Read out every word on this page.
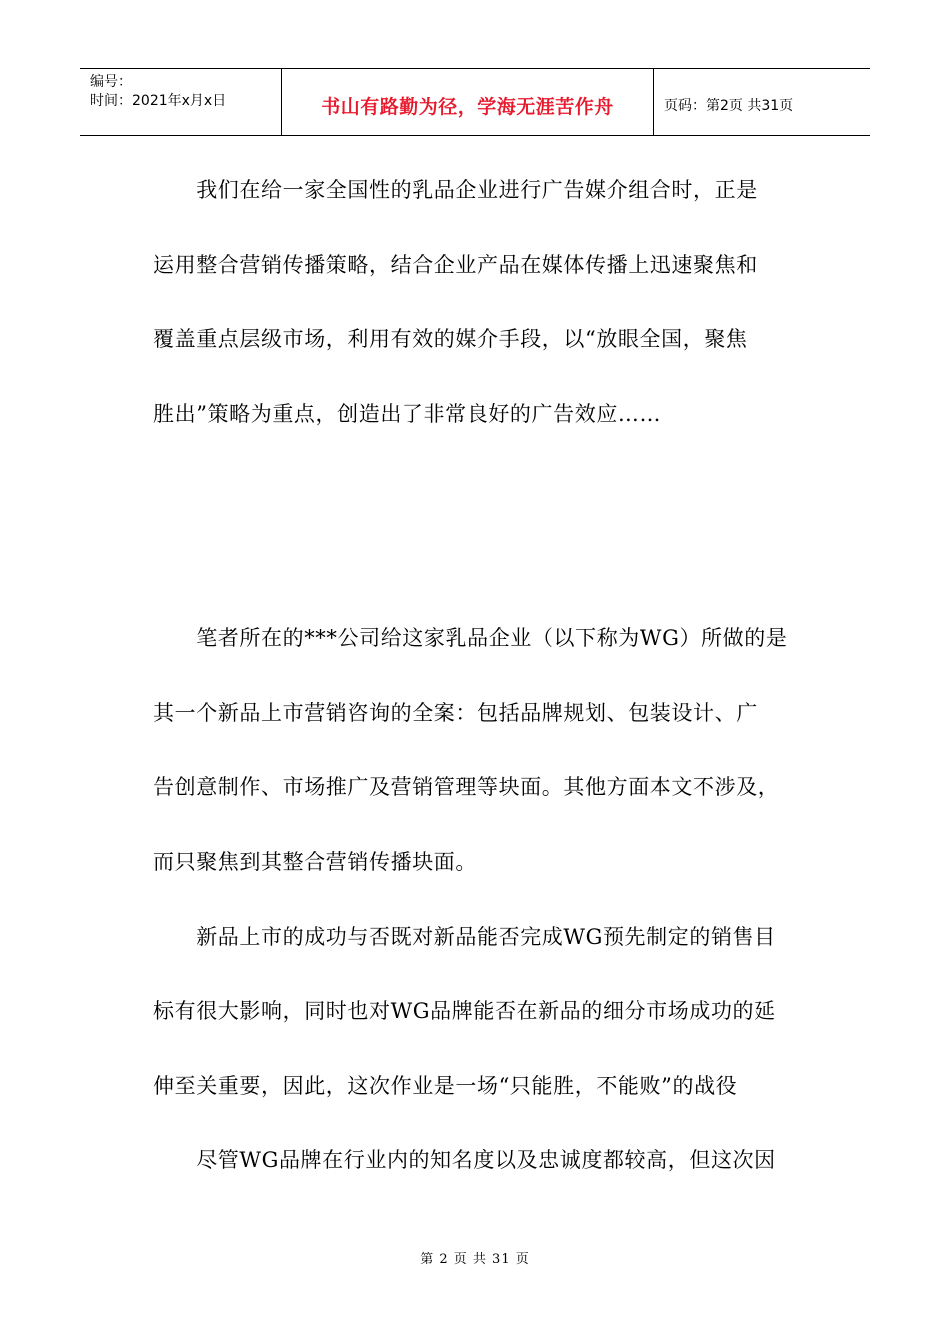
编号：
时间：2021年x月x日	书山有路勤为径，学海无涯苦作舟	页码：第2页 共31页
　　我们在给一家全国性的乳品企业进行广告媒介组合时，正是
运用整合营销传播策略，结合企业产品在媒体传播上迅速聚焦和
覆盖重点层级市场，利用有效的媒介手段，以“放眼全国，聚焦
胜出”策略为重点，创造出了非常良好的广告效应……
　　笔者所在的***公司给这家乳品企业（以下称为WG）所做的是
其一个新品上市营销咨询的全案：包括品牌规划、包装设计、广
告创意制作、市场推广及营销管理等块面。其他方面本文不涉及，
而只聚焦到其整合营销传播块面。
　　新品上市的成功与否既对新品能否完成WG预先制定的销售目
标有很大影响，同时也对WG品牌能否在新品的细分市场成功的延
伸至关重要，因此，这次作业是一场“只能胜，不能败”的战役
　　尽管WG品牌在行业内的知名度以及忠诚度都较高，但这次因
第 2 页 共 31 页
